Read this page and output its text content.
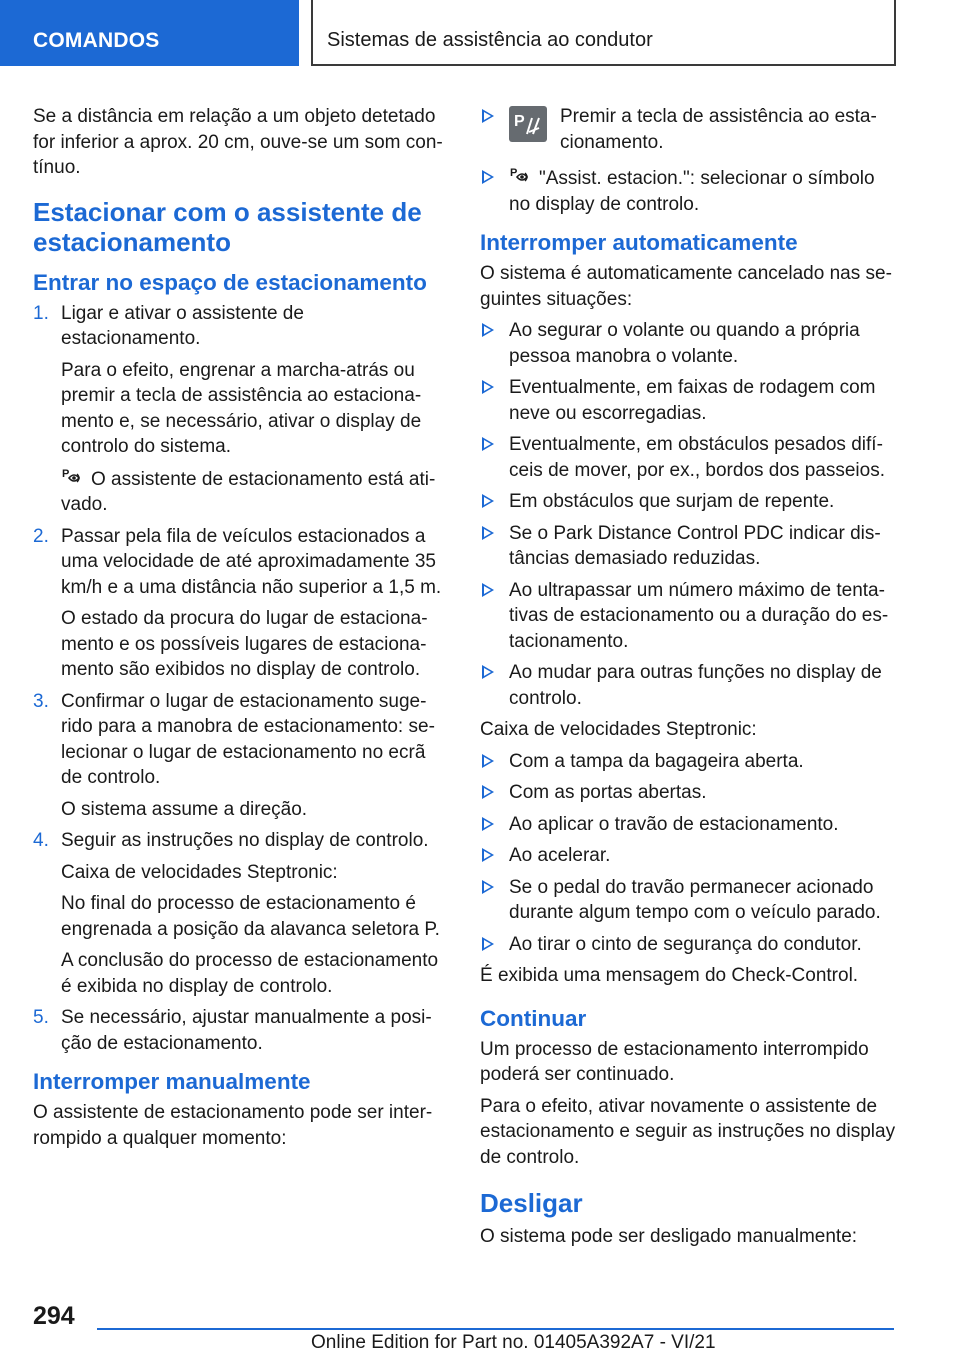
COMANDOS	Sistemas de assistência ao condutor

Se a distância em relação a um objeto detetado for inferior a aprox. 20 cm, ouve-se um som contínuo.

Estacionar com o assistente de estacionamento
Entrar no espaço de estacionamento
1. Ligar e ativar o assistente de estacionamento.

Para o efeito, engrenar a marcha-atrás ou premir a tecla de assistência ao estacionamento e, se necessário, ativar o display de controlo do sistema.

P O assistente de estacionamento está ativado.

2. Passar pela fila de veículos estacionados a uma velocidade de até aproximadamente 35 km/h e a uma distância não superior a 1,5 m.

O estado da procura do lugar de estacionamento e os possíveis lugares de estacionamento são exibidos no display de controlo.

3. Confirmar o lugar de estacionamento sugerido para a manobra de estacionamento: selecionar o lugar de estacionamento no ecrã de controlo.

O sistema assume a direção.

4. Seguir as instruções no display de controlo.

Caixa de velocidades Steptronic:

No final do processo de estacionamento é engrenada a posição da alavanca seletora P.

A conclusão do processo de estacionamento é exibida no display de controlo.

5. Se necessário, ajustar manualmente a posição de estacionamento.

Interromper manualmente

O assistente de estacionamento pode ser interrompido a qualquer momento:

P Premir a tecla de assistência ao estacionamento.

P "Assist. estacion.": selecionar o símbolo no display de controlo.

Interromper automaticamente

O sistema é automaticamente cancelado nas seguintes situações:

Ao segurar o volante ou quando a própria pessoa manobra o volante.

Eventualmente, em faixas de rodagem com neve ou escorregadias.

Eventualmente, em obstáculos pesados difíceis de mover, por ex., bordos dos passeios.

Em obstáculos que surjam de repente.

Se o Park Distance Control PDC indicar distâncias demasiado reduzidas.

Ao ultrapassar um número máximo de tentativas de estacionamento ou a duração do estacionamento.

Ao mudar para outras funções no display de controlo.

Caixa de velocidades Steptronic:

Com a tampa da bagageira aberta.

Com as portas abertas.

Ao aplicar o travão de estacionamento.

Ao acelerar.

Se o pedal do travão permanecer acionado durante algum tempo com o veículo parado.

Ao tirar o cinto de segurança do condutor.

É exibida uma mensagem do Check-Control.

Continuar

Um processo de estacionamento interrompido poderá ser continuado.

Para o efeito, ativar novamente o assistente de estacionamento e seguir as instruções no display de controlo.

Desligar

O sistema pode ser desligado manualmente:

294
Online Edition for Part no. 01405A392A7 - VI/21
